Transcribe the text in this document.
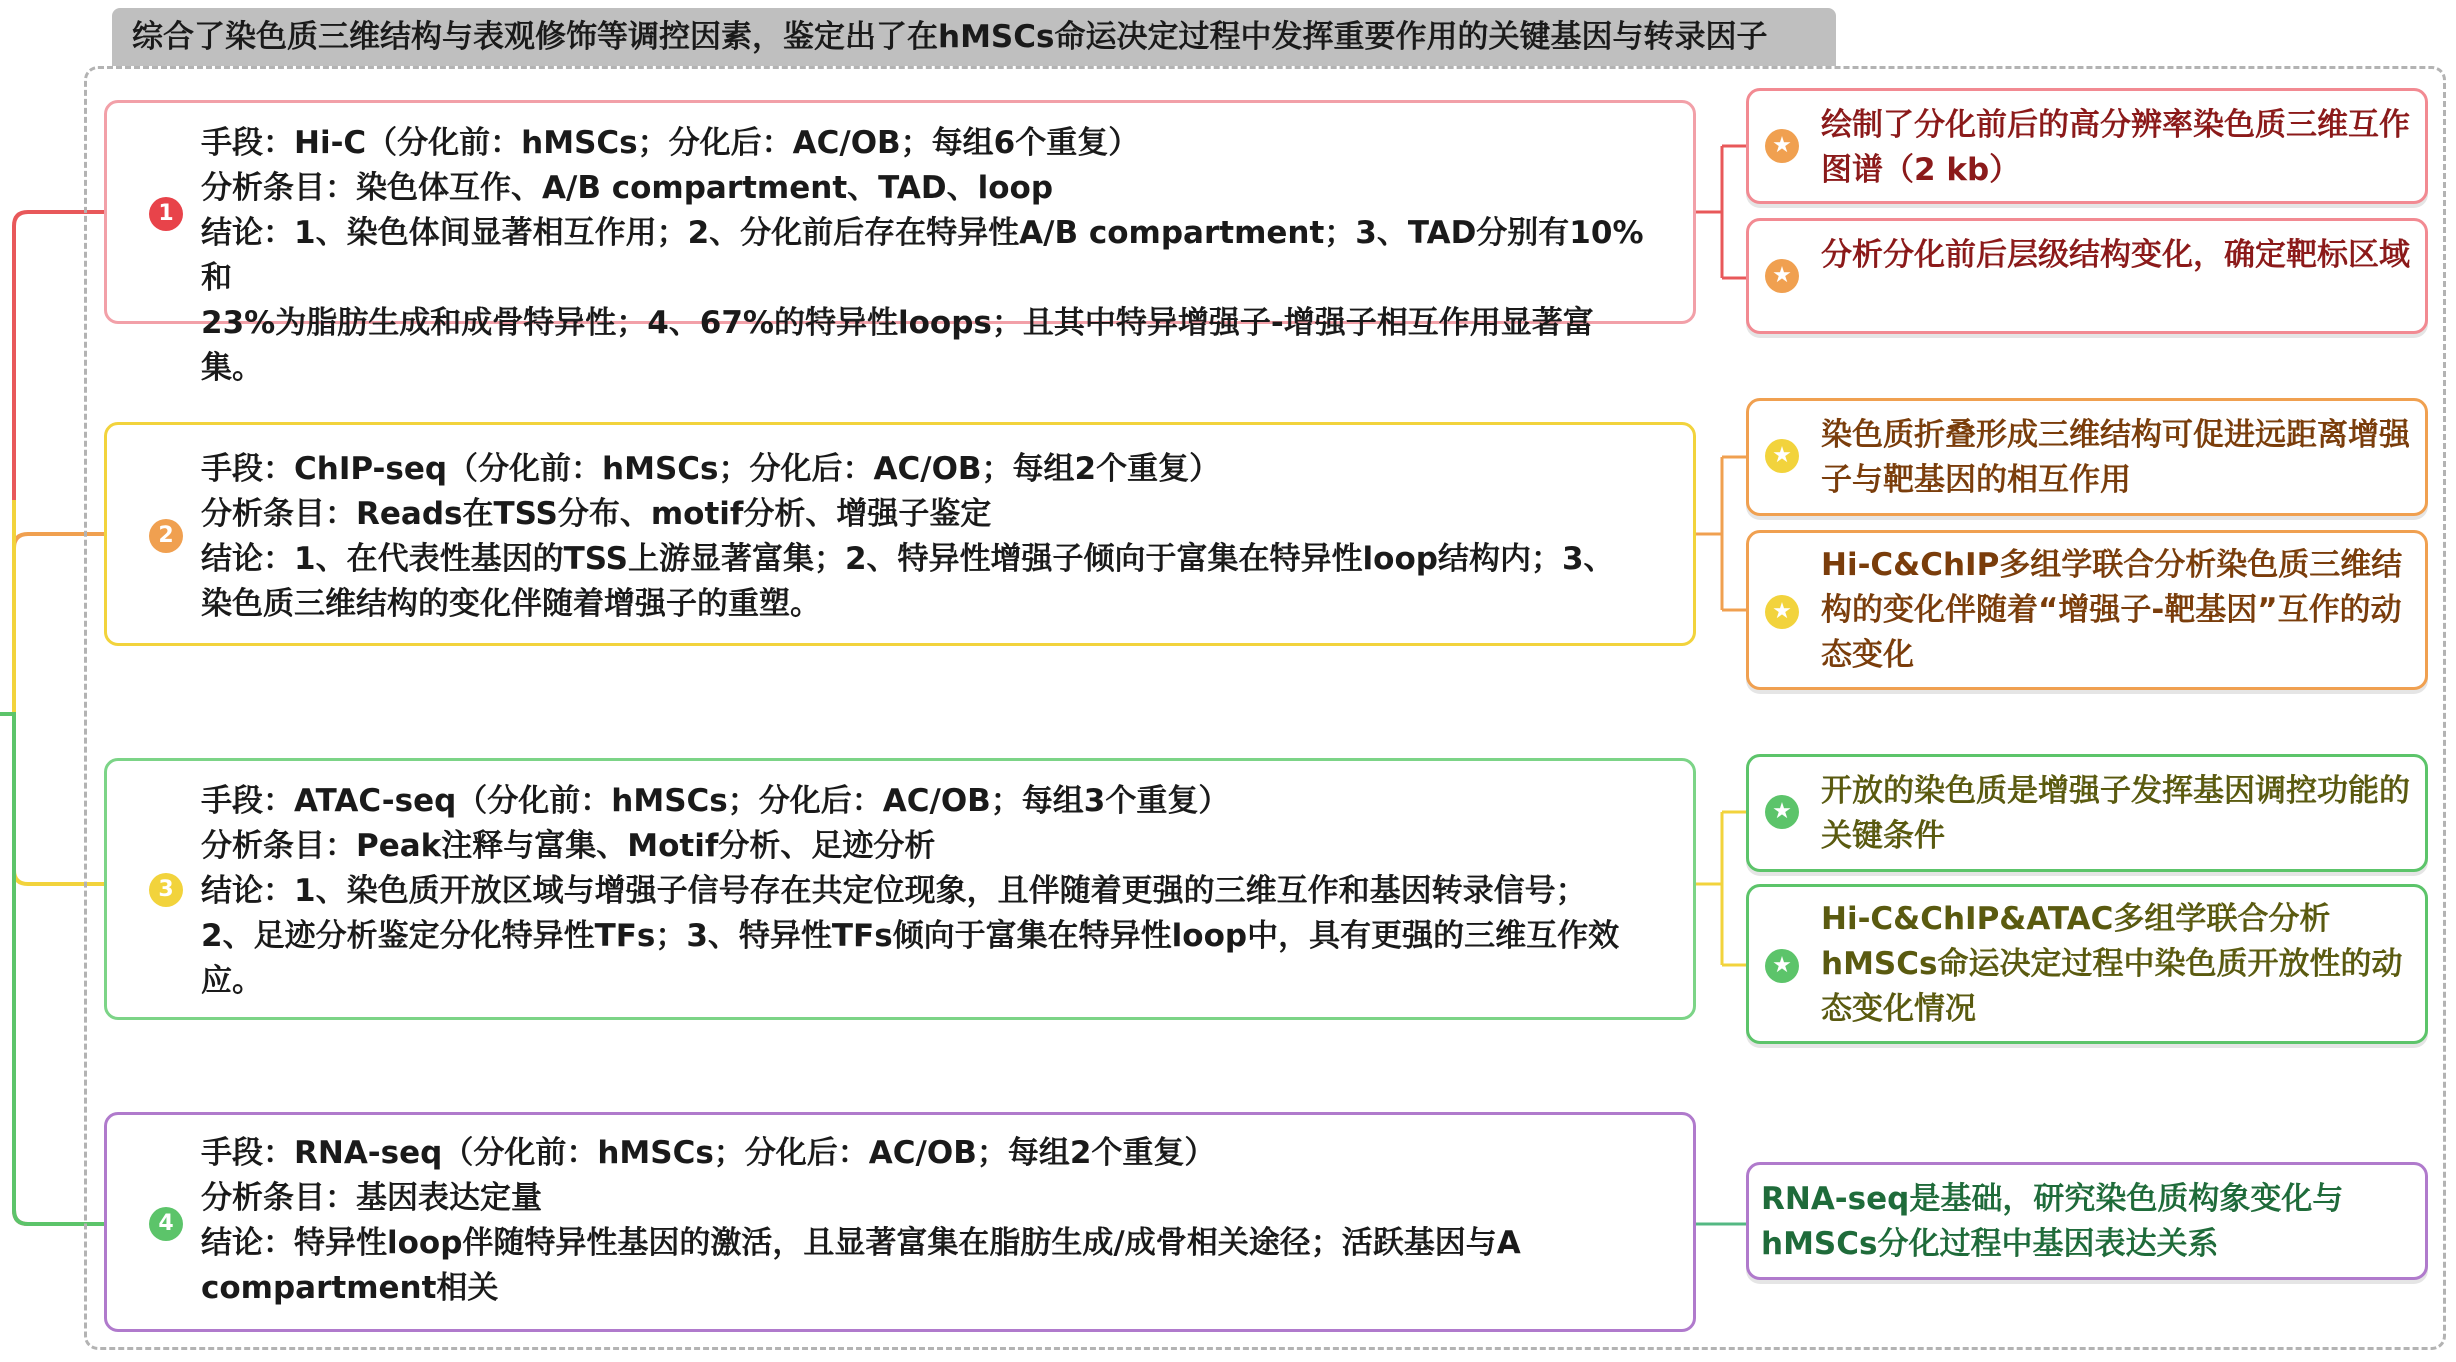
综合了染色质三维结构与表观修饰等调控因素，鉴定出了在hMSCs命运决定过程中发挥重要作用的关键基因与转录因子
1
手段：Hi-C（分化前：hMSCs；分化后：AC/OB；每组6个重复）
分析条目：染色体互作、A/B compartment、TAD、loop
结论：1、染色体间显著相互作用；2、分化前后存在特异性A/B compartment；3、TAD分别有10%和
23%为脂肪生成和成骨特异性；4、67%的特异性loops；且其中特异增强子-增强子相互作用显著富集。
★
绘制了分化前后的高分辨率染色质三维互作图谱（2 kb）
★
分析分化前后层级结构变化，确定靶标区域
2
手段：ChIP-seq（分化前：hMSCs；分化后：AC/OB；每组2个重复）
分析条目：Reads在TSS分布、motif分析、增强子鉴定
结论：1、在代表性基因的TSS上游显著富集；2、特异性增强子倾向于富集在特异性loop结构内；3、
染色质三维结构的变化伴随着增强子的重塑。
★
染色质折叠形成三维结构可促进远距离增强子与靶基因的相互作用
★
Hi-C&ChIP多组学联合分析染色质三维结构的变化伴随着“增强子-靶基因”互作的动态变化
3
手段：ATAC-seq（分化前：hMSCs；分化后：AC/OB；每组3个重复）
分析条目：Peak注释与富集、Motif分析、足迹分析
结论：1、染色质开放区域与增强子信号存在共定位现象，且伴随着更强的三维互作和基因转录信号；
2、足迹分析鉴定分化特异性TFs；3、特异性TFs倾向于富集在特异性loop中，具有更强的三维互作效
应。
★
开放的染色质是增强子发挥基因调控功能的关键条件
★
Hi-C&ChIP&ATAC多组学联合分析hMSCs命运决定过程中染色质开放性的动态变化情况
4
手段：RNA-seq（分化前：hMSCs；分化后：AC/OB；每组2个重复）
分析条目：基因表达定量
结论：特异性loop伴随特异性基因的激活，且显著富集在脂肪生成/成骨相关途径；活跃基因与A
compartment相关
RNA-seq是基础，研究染色质构象变化与hMSCs分化过程中基因表达关系
